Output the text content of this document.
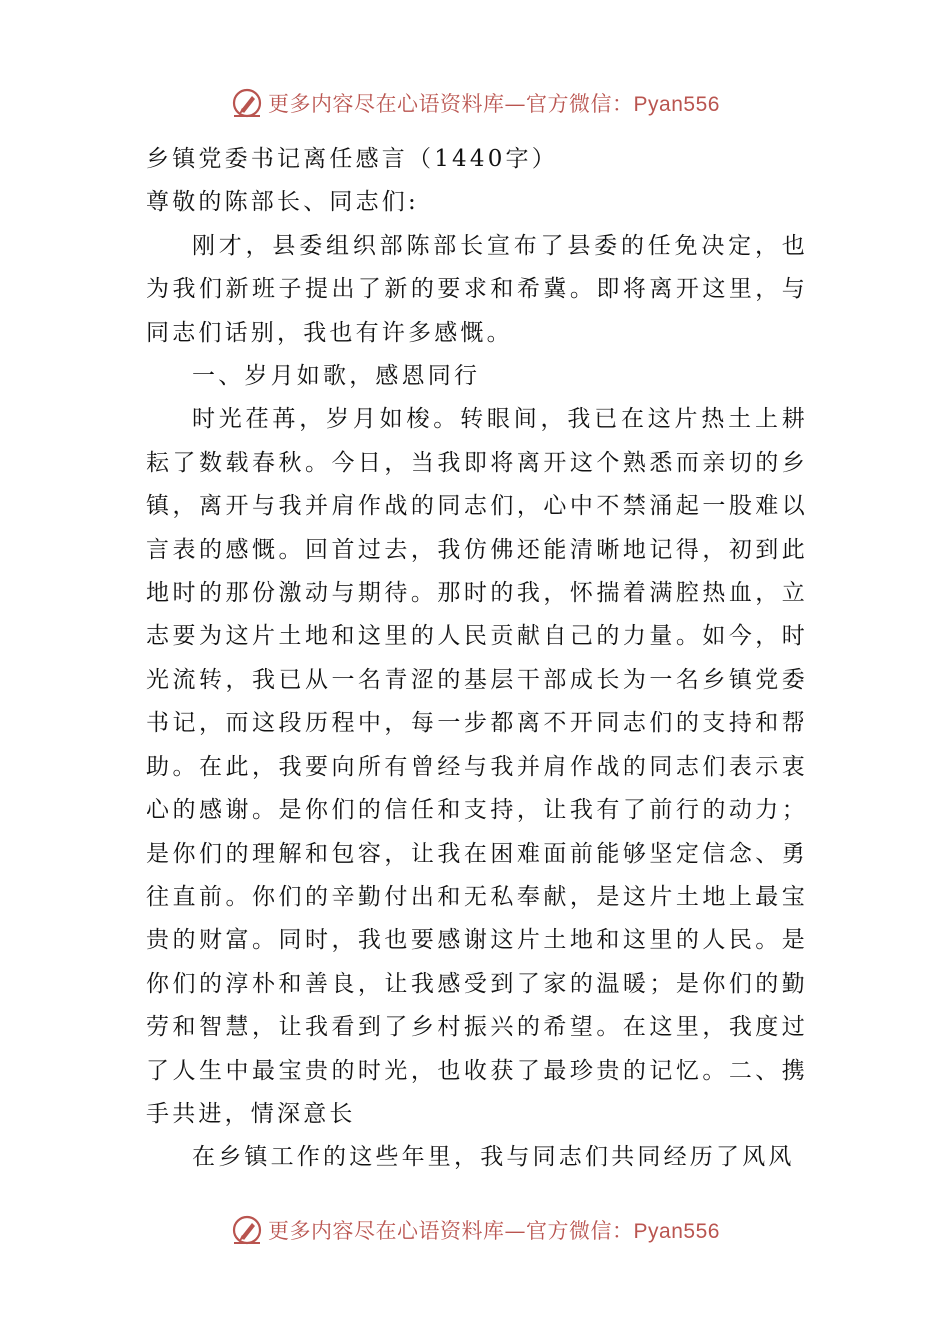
更多内容尽在心语资料库—官方微信：Pyan556

乡镇党委书记离任感言（1440字）

尊敬的陈部长、同志们:

刚才，县委组织部陈部长宣布了县委的任免决定，也为我们新班子提出了新的要求和希冀。即将离开这里，与同志们话别，我也有许多感慨。

一、岁月如歌，感恩同行

时光荏苒，岁月如梭。转眼间，我已在这片热土上耕耘了数载春秋。今日，当我即将离开这个熟悉而亲切的乡镇，离开与我并肩作战的同志们，心中不禁涌起一股难以言表的感慨。回首过去，我仿佛还能清晰地记得，初到此地时的那份激动与期待。那时的我，怀揣着满腔热血，立志要为这片土地和这里的人民贡献自己的力量。如今，时光流转，我已从一名青涩的基层干部成长为一名乡镇党委书记，而这段历程中，每一步都离不开同志们的支持和帮助。在此，我要向所有曾经与我并肩作战的同志们表示衷心的感谢。是你们的信任和支持，让我有了前行的动力；是你们的理解和包容，让我在困难面前能够坚定信念、勇往直前。你们的辛勤付出和无私奉献，是这片土地上最宝贵的财富。同时，我也要感谢这片土地和这里的人民。是你们的淳朴和善良，让我感受到了家的温暖；是你们的勤劳和智慧，让我看到了乡村振兴的希望。在这里，我度过了人生中最宝贵的时光，也收获了最珍贵的记忆。二、携手共进，情深意长

在乡镇工作的这些年里，我与同志们共同经历了风风

更多内容尽在心语资料库—官方微信：Pyan556
